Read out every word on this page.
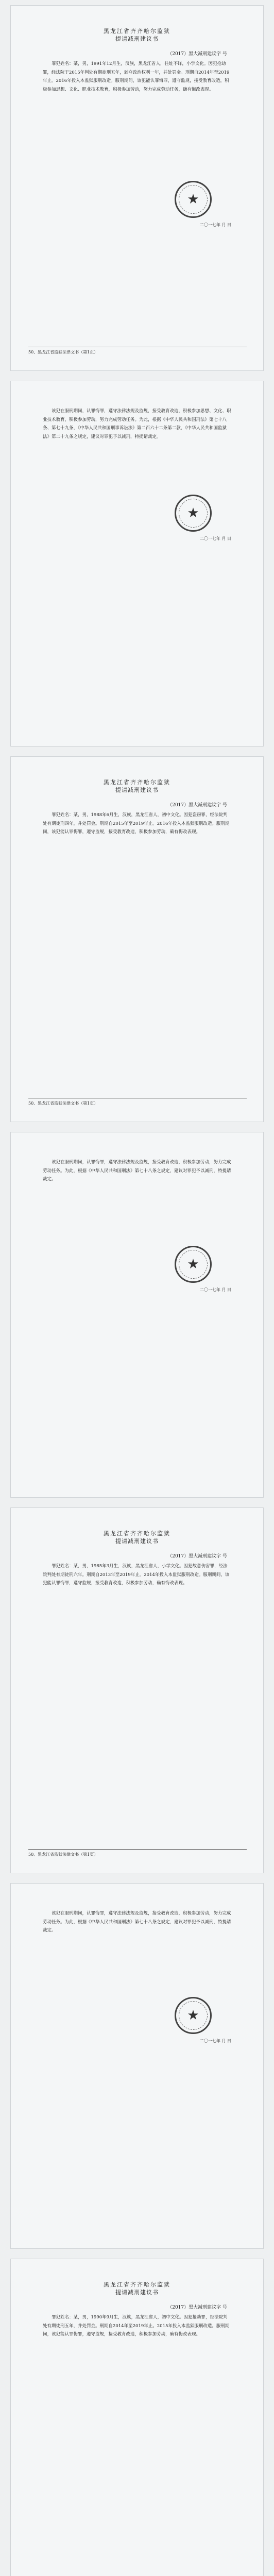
黑龙江省齐齐哈尔监狱
提请减刑建议书
（2017）黑大减刑建议字 号
罪犯姓名：某，男，1991年12月生，汉族，黑龙江省人，住址不详，小学文化。因犯抢劫罪，经法院于2015年判处有期徒刑五年，剥夺政治权利一年，并处罚金。刑期自2014年至2019年止。2016年投入本监狱服刑改造。服刑期间，该犯能认罪悔罪，遵守监规，接受教育改造，积极参加思想、文化、职业技术教育，积极参加劳动，努力完成劳动任务，确有悔改表现。
★
二〇一七年 月 日
50、黑龙江省监狱法律文书（第1页）
该犯在服刑期间，认罪悔罪，遵守法律法规及监规，接受教育改造，积极参加思想、文化、职业技术教育，积极参加劳动，努力完成劳动任务。为此，根据《中华人民共和国刑法》第七十八条、第七十九条，《中华人民共和国刑事诉讼法》第二百六十二条第二款，《中华人民共和国监狱法》第二十九条之规定，建议对罪犯予以减刑，特提请裁定。
★
二〇一七年 月 日
黑龙江省齐齐哈尔监狱
提请减刑建议书
（2017）黑大减刑建议字 号
罪犯姓名：某，男，1988年6月生，汉族，黑龙江省人，初中文化。因犯盗窃罪，经法院判处有期徒刑四年，并处罚金。刑期自2015年至2019年止。2016年投入本监狱服刑改造。服刑期间，该犯能认罪悔罪，遵守监规，接受教育改造，积极参加劳动，确有悔改表现。
50、黑龙江省监狱法律文书（第1页）
该犯在服刑期间，认罪悔罪，遵守法律法规及监规，接受教育改造，积极参加劳动，努力完成劳动任务。为此，根据《中华人民共和国刑法》第七十八条之规定，建议对罪犯予以减刑，特提请裁定。
★
二〇一七年 月 日
黑龙江省齐齐哈尔监狱
提请减刑建议书
（2017）黑大减刑建议字 号
罪犯姓名：某，男，1985年3月生，汉族，黑龙江省人，小学文化。因犯故意伤害罪，经法院判处有期徒刑六年。刑期自2013年至2019年止。2014年投入本监狱服刑改造。服刑期间，该犯能认罪悔罪，遵守监规，接受教育改造，积极参加劳动，确有悔改表现。
50、黑龙江省监狱法律文书（第1页）
该犯在服刑期间，认罪悔罪，遵守法律法规及监规，接受教育改造，积极参加劳动，努力完成劳动任务。为此，根据《中华人民共和国刑法》第七十八条之规定，建议对罪犯予以减刑，特提请裁定。
★
二〇一七年 月 日
黑龙江省齐齐哈尔监狱
提请减刑建议书
（2017）黑大减刑建议字 号
罪犯姓名：某，男，1990年9月生，汉族，黑龙江省人，初中文化。因犯抢劫罪，经法院判处有期徒刑五年，并处罚金。刑期自2014年至2019年止。2015年投入本监狱服刑改造。服刑期间，该犯能认罪悔罪，遵守监规，接受教育改造，积极参加劳动，确有悔改表现。
